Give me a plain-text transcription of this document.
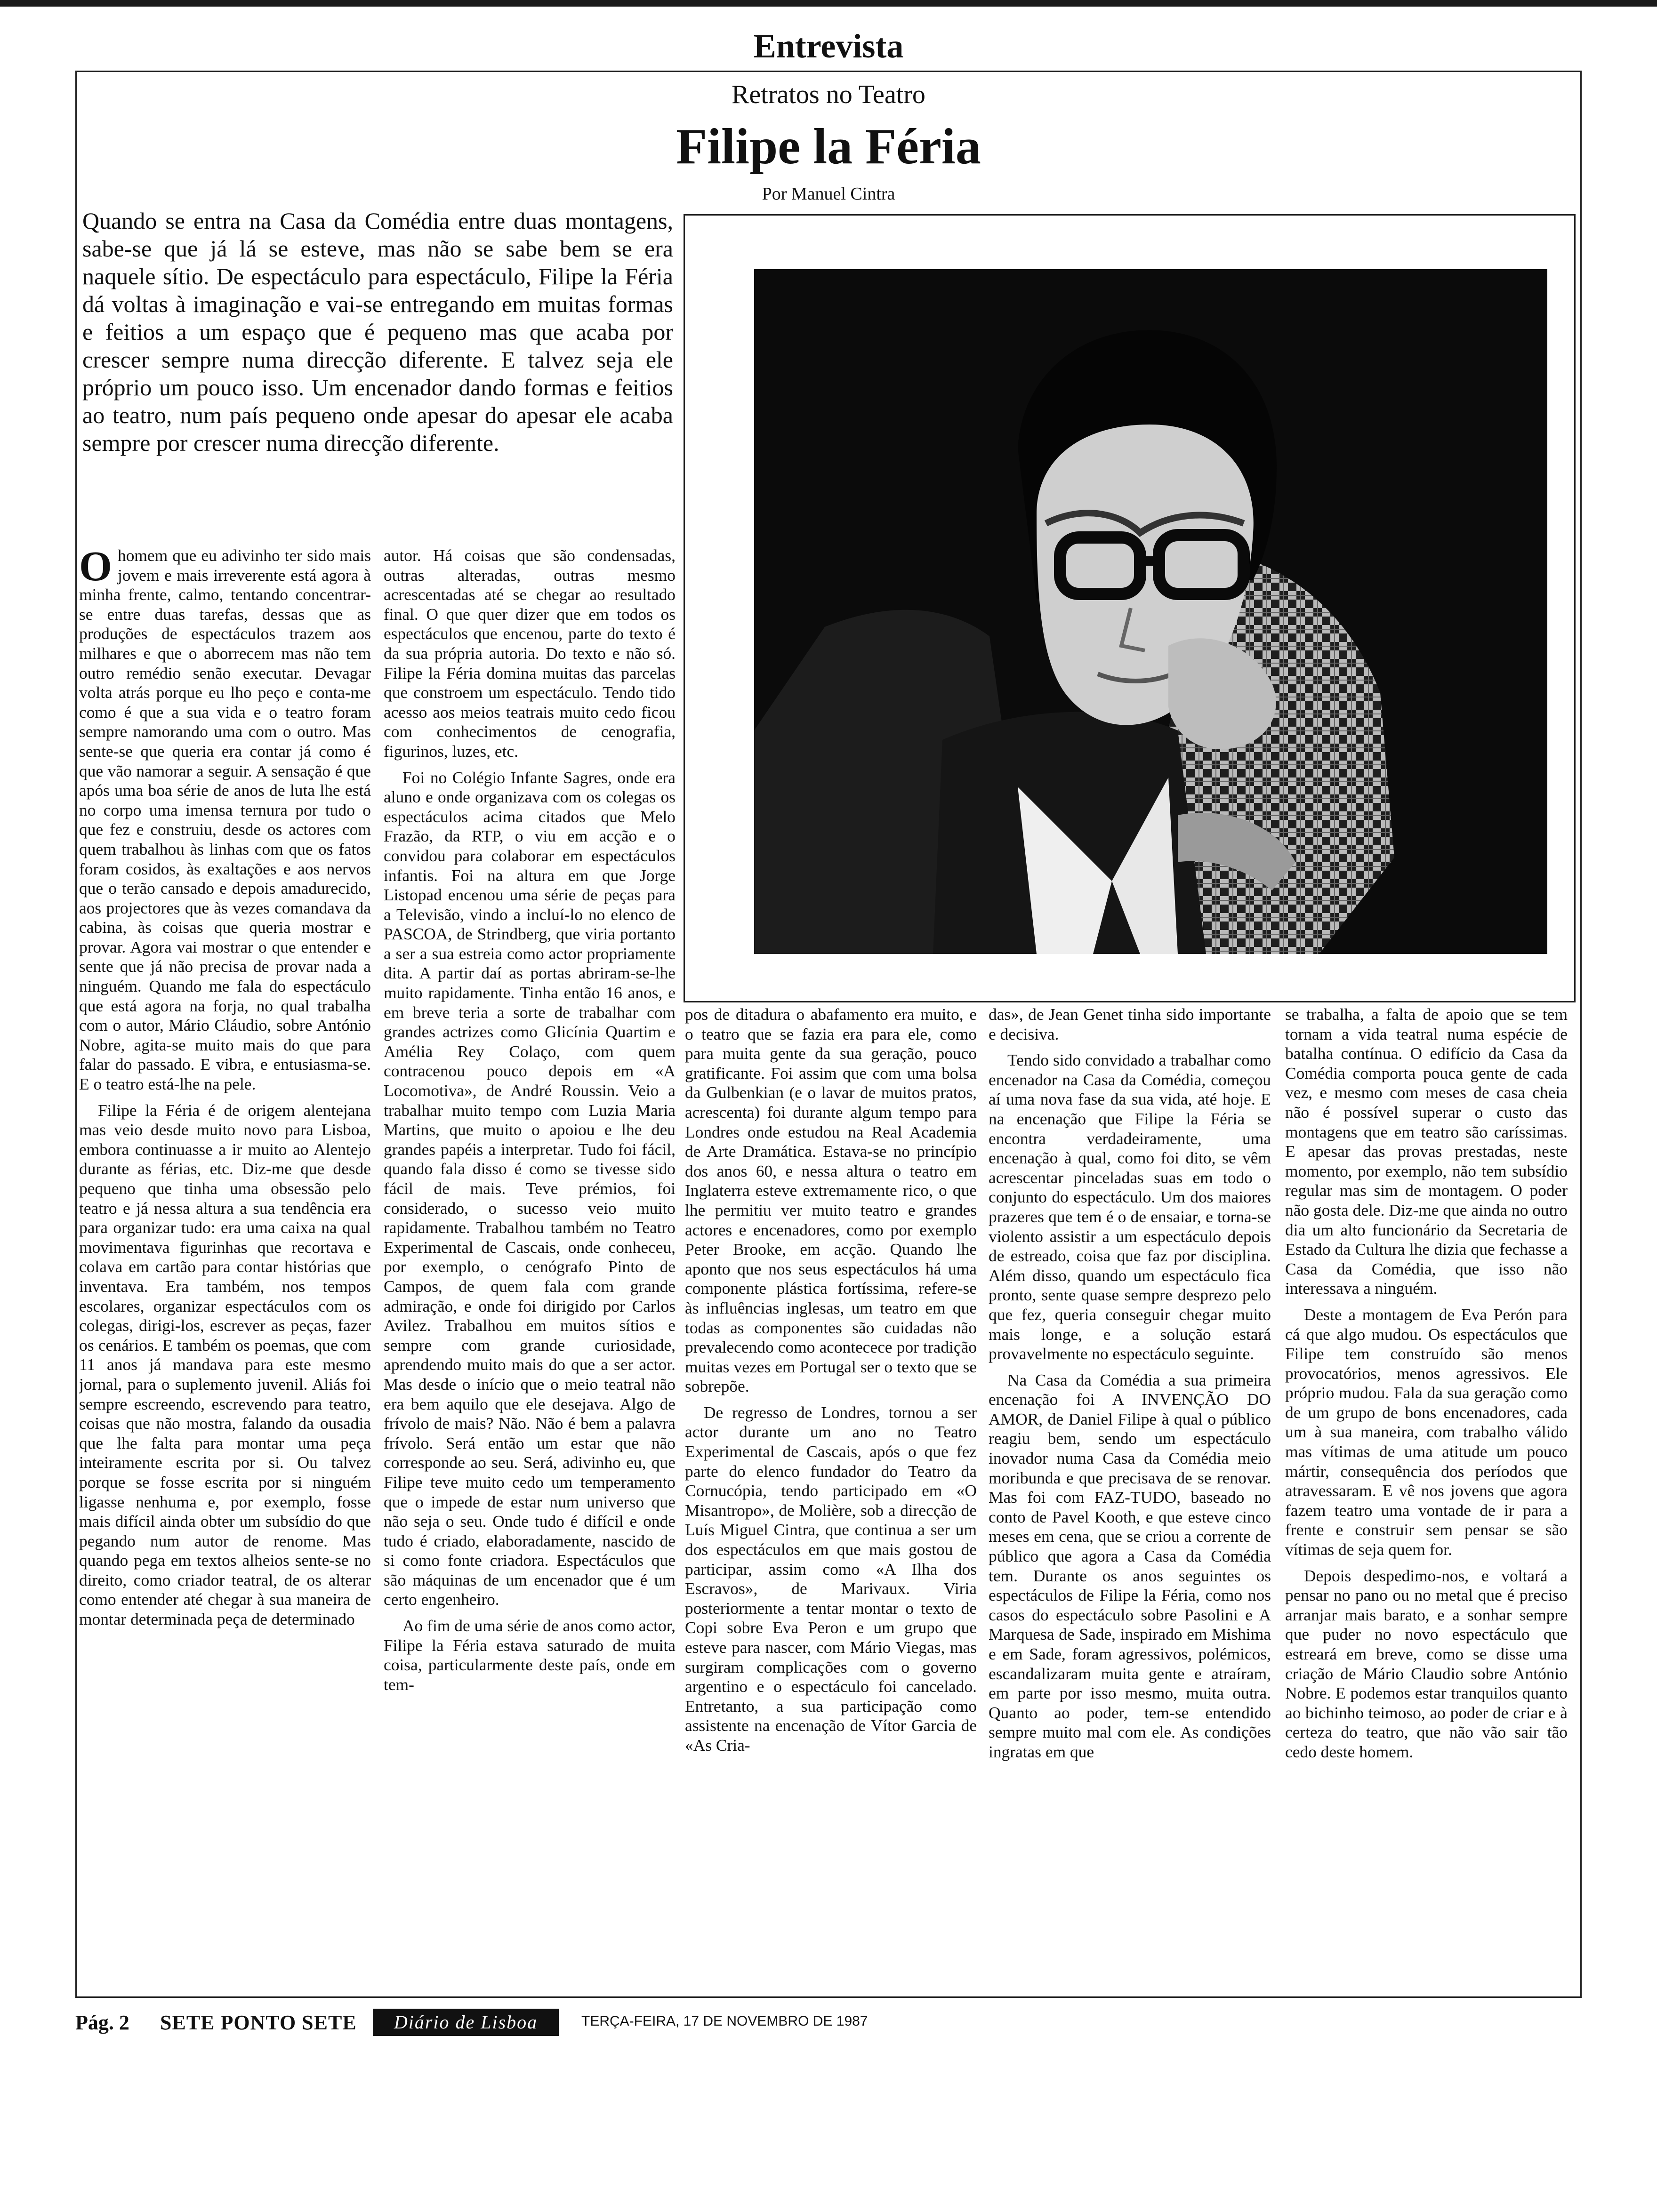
Entrevista
Retratos no Teatro
Filipe la Féria
Por Manuel Cintra
Quando se entra na Casa da Comédia entre duas montagens, sabe-se que já lá se esteve, mas não se sabe bem se era naquele sítio. De espectáculo para espectáculo, Filipe la Féria dá voltas à imaginação e vai-se entregando em muitas formas e feitios a um espaço que é pequeno mas que acaba por crescer sempre numa direcção diferente. E talvez seja ele próprio um pouco isso. Um encenador dando formas e feitios ao teatro, num país pequeno onde apesar do apesar ele acaba sempre por crescer numa direcção diferente.

Ohomem que eu adivinho ter sido mais jovem e mais irreverente está agora à minha frente, calmo, tentando concentrar-se entre duas tarefas, dessas que as produções de espectáculos trazem aos milhares e que o aborrecem mas não tem outro remédio senão executar. Devagar volta atrás porque eu lho peço e conta-me como é que a sua vida e o teatro foram sempre namorando uma com o outro. Mas sente-se que queria era contar já como é que vão namorar a seguir. A sensação é que após uma boa série de anos de luta lhe está no corpo uma imensa ternura por tudo o que fez e construiu, desde os actores com quem trabalhou às linhas com que os fatos foram cosidos, às exaltações e aos nervos que o terão cansado e depois amadurecido, aos projectores que às vezes comandava da cabina, às coisas que queria mostrar e provar. Agora vai mostrar o que entender e sente que já não precisa de provar nada a ninguém. Quando me fala do espectáculo que está agora na forja, no qual trabalha com o autor, Mário Cláudio, sobre António Nobre, agita-se muito mais do que para falar do passado. E vibra, e entusiasma-se. E o teatro está-lhe na pele.

Filipe la Féria é de origem alentejana mas veio desde muito novo para Lisboa, embora continuasse a ir muito ao Alentejo durante as férias, etc. Diz-me que desde pequeno que tinha uma obsessão pelo teatro e já nessa altura a sua tendência era para organizar tudo: era uma caixa na qual movimentava figurinhas que recortava e colava em cartão para contar histórias que inventava. Era também, nos tempos escolares, organizar espectáculos com os colegas, dirigi-los, escrever as peças, fazer os cenários. E também os poemas, que com 11 anos já mandava para este mesmo jornal, para o suplemento juvenil. Aliás foi sempre escreendo, escrevendo para teatro, coisas que não mostra, falando da ousadia que lhe falta para montar uma peça inteiramente escrita por si. Ou talvez porque se fosse escrita por si ninguém ligasse nenhuma e, por exemplo, fosse mais difícil ainda obter um subsídio do que pegando num autor de renome. Mas quando pega em textos alheios sente-se no direito, como criador teatral, de os alterar como entender até chegar à sua maneira de montar determinada peça de determinado

autor. Há coisas que são condensadas, outras alteradas, outras mesmo acrescentadas até se chegar ao resultado final. O que quer dizer que em todos os espectáculos que encenou, parte do texto é da sua própria autoria. Do texto e não só. Filipe la Féria domina muitas das parcelas que constroem um espectáculo. Tendo tido acesso aos meios teatrais muito cedo ficou com conhecimentos de cenografia, figurinos, luzes, etc.

Foi no Colégio Infante Sagres, onde era aluno e onde organizava com os colegas os espectáculos acima citados que Melo Frazão, da RTP, o viu em acção e o convidou para colaborar em espectáculos infantis. Foi na altura em que Jorge Listopad encenou uma série de peças para a Televisão, vindo a incluí-lo no elenco de PASCOA, de Strindberg, que viria portanto a ser a sua estreia como actor propriamente dita. A partir daí as portas abriram-se-lhe muito rapidamente. Tinha então 16 anos, e em breve teria a sorte de trabalhar com grandes actrizes como Glicínia Quartim e Amélia Rey Colaço, com quem contracenou pouco depois em «A Locomotiva», de André Roussin. Veio a trabalhar muito tempo com Luzia Maria Martins, que muito o apoiou e lhe deu grandes papéis a interpretar. Tudo foi fácil, quando fala disso é como se tivesse sido fácil de mais. Teve prémios, foi considerado, o sucesso veio muito rapidamente. Trabalhou também no Teatro Experimental de Cascais, onde conheceu, por exemplo, o cenógrafo Pinto de Campos, de quem fala com grande admiração, e onde foi dirigido por Carlos Avilez. Trabalhou em muitos sítios e sempre com grande curiosidade, aprendendo muito mais do que a ser actor. Mas desde o início que o meio teatral não era bem aquilo que ele desejava. Algo de frívolo de mais? Não. Não é bem a palavra frívolo. Será então um estar que não corresponde ao seu. Será, adivinho eu, que Filipe teve muito cedo um temperamento que o impede de estar num universo que não seja o seu. Onde tudo é difícil e onde tudo é criado, elaboradamente, nascido de si como fonte criadora. Espectáculos que são máquinas de um encenador que é um certo engenheiro.

Ao fim de uma série de anos como actor, Filipe la Féria estava saturado de muita coisa, particularmente deste país, onde em tem-

pos de ditadura o abafamento era muito, e o teatro que se fazia era para ele, como para muita gente da sua geração, pouco gratificante. Foi assim que com uma bolsa da Gulbenkian (e o lavar de muitos pratos, acrescenta) foi durante algum tempo para Londres onde estudou na Real Academia de Arte Dramática. Estava-se no princípio dos anos 60, e nessa altura o teatro em Inglaterra esteve extremamente rico, o que lhe permitiu ver muito teatro e grandes actores e encenadores, como por exemplo Peter Brooke, em acção. Quando lhe aponto que nos seus espectáculos há uma componente plástica fortíssima, refere-se às influências inglesas, um teatro em que todas as componentes são cuidadas não prevalecendo como acontecece por tradição muitas vezes em Portugal ser o texto que se sobrepõe.

De regresso de Londres, tornou a ser actor durante um ano no Teatro Experimental de Cascais, após o que fez parte do elenco fundador do Teatro da Cornucópia, tendo participado em «O Misantropo», de Molière, sob a direcção de Luís Miguel Cintra, que continua a ser um dos espectáculos em que mais gostou de participar, assim como «A Ilha dos Escravos», de Marivaux. Viria posteriormente a tentar montar o texto de Copi sobre Eva Peron e um grupo que esteve para nascer, com Mário Viegas, mas surgiram complicações com o governo argentino e o espectáculo foi cancelado. Entretanto, a sua participação como assistente na encenação de Vítor Garcia de «As Cria-

das», de Jean Genet tinha sido importante e decisiva.

Tendo sido convidado a trabalhar como encenador na Casa da Comédia, começou aí uma nova fase da sua vida, até hoje. E na encenação que Filipe la Féria se encontra verdadeiramente, uma encenação à qual, como foi dito, se vêm acrescentar pinceladas suas em todo o conjunto do espectáculo. Um dos maiores prazeres que tem é o de ensaiar, e torna-se violento assistir a um espectáculo depois de estreado, coisa que faz por disciplina. Além disso, quando um espectáculo fica pronto, sente quase sempre desprezo pelo que fez, queria conseguir chegar muito mais longe, e a solução estará provavelmente no espectáculo seguinte.

Na Casa da Comédia a sua primeira encenação foi A INVENÇÃO DO AMOR, de Daniel Filipe à qual o público reagiu bem, sendo um espectáculo inovador numa Casa da Comédia meio moribunda e que precisava de se renovar. Mas foi com FAZ-TUDO, baseado no conto de Pavel Kooth, e que esteve cinco meses em cena, que se criou a corrente de público que agora a Casa da Comédia tem. Durante os anos seguintes os espectáculos de Filipe la Féria, como nos casos do espectáculo sobre Pasolini e A Marquesa de Sade, inspirado em Mishima e em Sade, foram agressivos, polémicos, escandalizaram muita gente e atraíram, em parte por isso mesmo, muita outra. Quanto ao poder, tem-se entendido sempre muito mal com ele. As condições ingratas em que

se trabalha, a falta de apoio que se tem tornam a vida teatral numa espécie de batalha contínua. O edifício da Casa da Comédia comporta pouca gente de cada vez, e mesmo com meses de casa cheia não é possível superar o custo das montagens que em teatro são caríssimas. E apesar das provas prestadas, neste momento, por exemplo, não tem subsídio regular mas sim de montagem. O poder não gosta dele. Diz-me que ainda no outro dia um alto funcionário da Secretaria de Estado da Cultura lhe dizia que fechasse a Casa da Comédia, que isso não interessava a ninguém.

Deste a montagem de Eva Perón para cá que algo mudou. Os espectáculos que Filipe tem construído são menos provocatórios, menos agressivos. Ele próprio mudou. Fala da sua geração como de um grupo de bons encenadores, cada um à sua maneira, com trabalho válido mas vítimas de uma atitude um pouco mártir, consequência dos períodos que atravessaram. E vê nos jovens que agora fazem teatro uma vontade de ir para a frente e construir sem pensar se são vítimas de seja quem for.

Depois despedimo-nos, e voltará a pensar no pano ou no metal que é preciso arranjar mais barato, e a sonhar sempre que puder no novo espectáculo que estreará em breve, como se disse uma criação de Mário Claudio sobre António Nobre. E podemos estar tranquilos quanto ao bichinho teimoso, ao poder de criar e à certeza do teatro, que não vão sair tão cedo deste homem.

Pág. 2 SETE PONTO SETE	Diário de Lisboa	TERÇA-FEIRA, 17 DE NOVEMBRO DE 1987
